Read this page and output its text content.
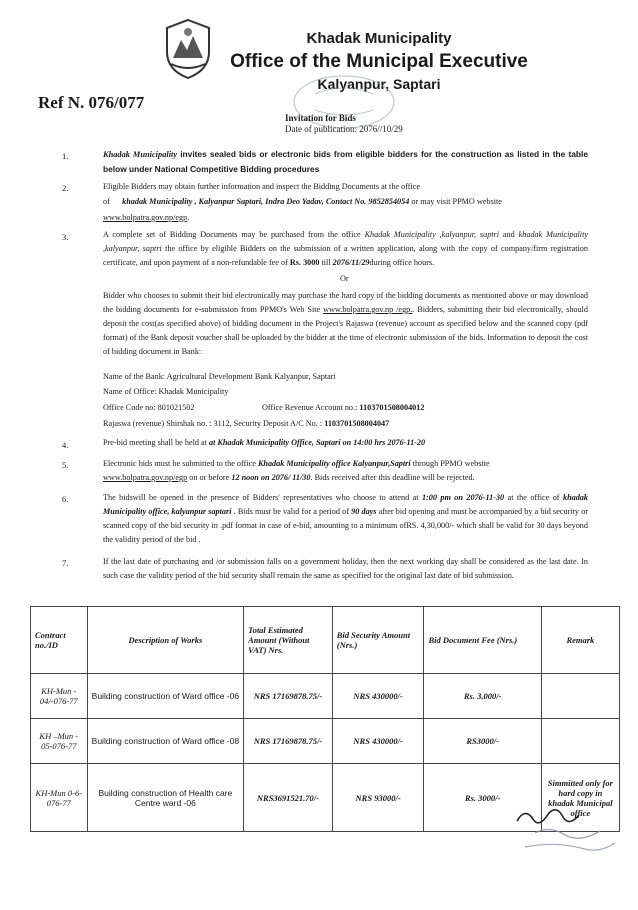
Khadak Municipality
Office of the Municipal Executive
Kalyanpur, Saptari
Ref N. 076/077
Invitation for Bids
Date of publication: 2076//10/29
1.	Khadak Municipality invites sealed bids or electronic bids from eligible bidders for the construction as listed in the table below under National Competitive Bidding procedures
2.	Eligible Bidders may obtain further information and inspect the Bidding Documents at the office
of khadak Municipality , Kalyanpur Saptari, Indra Deo Yadav, Contact No. 9852854054 or may visit PPMO website
www.bolpatra.gov.np/egp.
3.	A complete set of Bidding Documents may be purchased from the office Khadak Municipality ,kalyanpur, saptri and khadak Municipality ,kalyanpur, saptri the office by eligible Bidders on the submission of a written application, along with the copy of company/firm registration certificate, and upon payment of a non-refundable fee of Rs. 3000 till 2076/11/29during office hours.
Or
Bidder who chooses to submit their bid electronically may purchase the hard copy of the bidding documents as mentioned above or may download the bidding documents for e-submission from PPMO's Web Site www.bolpatra.gov.np /egp.. Bidders, submitting their bid electronically, should deposit the cost(as specified above) of bidding document in the Project's Rajaswa (revenue) account as specified below and the scanned copy (pdf format) of the Bank deposit voucher shall be uploaded by the bidder at the time of electronic submission of the bids. Information to deposit the cost of bidding document in Bank:
Name of the Bank: Agricultural Development Bank Kalyanpur, Saptari
Name of Office: Khadak Municipality
Office Code no: 801021502	Office Revenue Account no.: 1103701508004012
Rajaswa (revenue) Shirshak no. : 3112, Security Deposit A/C No. : 1103701508004047
4.	Pre-bid meeting shall be held at at Khadak Municipality Office, Saptari on 14:00 hrs 2076-11-20
5.	Electronic bids must be submitted to the office Khadak Municipality office Kalyanpur,Saptri through PPMO website
www.bolpatra.gov.np/egp on or before 12 noon on 2076/ 11/30. Bids received after this deadline will be rejected.
6.	The bidswill be opened in the presence of Bidders' representatives who choose to attend at 1:00 pm on 2076-11-30 at the office of khadak Municipality office, kalyanpur saptari . Bids must be valid for a period of 90 days after bid opening and must be accompanied by a bid security or scanned copy of the bid security in .pdf format in case of e-bid, amounting to a minimum ofRS. 4,30,000/- which shall be valid for 30 days beyond the validity period of the bid .
7.	If the last date of purchasing and /or submission falls on a government holiday, then the next working day shall be considered as the last date. In such case the validity period of the bid security shall remain the same as specified for the original last date of bid submission.
Contract no./ID	Description of Works	Total Estimated Amount (Without VAT) Nrs.	Bid Security Amount (Nrs.)	Bid Document Fee (Nrs.)	Remark
KH-Mun - 04/-076-77	Building construction of Ward office -06	NRS 17169878.75/-	NRS 430000/-	Rs. 3,000/-	
KH –Mun - 05-076-77	Building construction of Ward office -08	NRS 17169878.75/-	NRS 430000/-	RS3000/-	
KH-Mun 0-6-076-77	Building construction of Health care Centre ward -06	NRS3691521.70/-	NRS 93000/-	Rs. 3000/-	Simmitted only for hard copy in khadak Municipal office
